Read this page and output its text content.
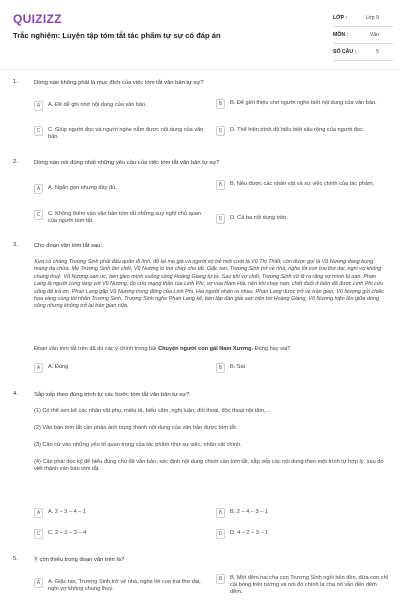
QUIZIZZ
Trắc nghiệm: Luyện tập tóm tắt tác phẩm tự sự có đáp án
LỚP :	Lớp 9
MÔN :	Văn
SỐ CÂU :	5
1.	Dòng nào không phải là mục đích của việc tóm tắt văn bản tự sự?
A	A. Để dễ ghi nhớ nội dung của văn bản.	B	B. Để giới thiệu cho người nghe biết nội dung của văn bản.
C	C. Giúp người đọc và người nghe nắm được nội dung của văn bản.
D	D. Thể hiện trình độ hiểu biết sâu rộng của người đọc.
2.	Dòng nào nói đúng nhất những yêu cầu của việc tóm tắt văn bản tự sự?
A	A. Ngắn gọn nhưng đầy đủ.	B	B. Nêu được các nhân vật và sự việc chính của tác phẩm.
C	C. Không thêm vào văn bản tóm tắt những suy nghĩ chủ quan của người tóm tắt.	D	D. Cả ba nội dung trên.
3.	Cho đoạn văn tóm tắt sau:
Xưa có chàng Trương Sinh phải đầu quân đi lính, để lại mẹ già và người vợ trẻ mới cưới là Vũ Thị Thiết, còn được gọi là Vũ Nương đang bụng mang dạ chửa. Mẹ Trương Sinh ốm chết, Vũ Nương lo ma chay chu tất. Giặc tan, Trương Sinh trở về nhà, nghe lời con trai thơ dại, nghi vợ không chung thuỷ. Vũ Nương oan ức, bèn gieo mình xuống sông Hoàng Giang tự tử. Sau khi vợ chết, Trương Sinh vỡ lẽ ra rằng vợ mình bị oan. Phan Lang là người cùng làng với Vũ Nương, do cứu mạng thần rùa Linh Phi, vợ vua Nam Hải, nên khi chạy nạn, chết đuối ở biển đã được Linh Phi cứu sống để trả ơn. Phan Lang gặp Vũ Nương trong động của Linh Phi. Hai người nhận ra nhau. Phan Lang được trở về trần gian, Vũ Nương gửi chiếc hoa vàng cùng lời nhắn Trương Sinh. Trương Sinh nghe Phan Lang kể, bèn lập đàn giải oan trên bờ Hoàng Giang, Vũ Nương hiện lên giữa dòng sông nhưng không trở lại trần gian nữa.
Đoạn văn tóm tắt trên đã đủ các ý chính trong bài Chuyện người con gái Nam Xương. Đúng hay sai?
A	A. Đúng	B	B. Sai
4.	Sắp xếp theo đúng trình tự các bước tóm tắt văn bản tự sự?
(1) Có thể xen kẽ các nhân vật phụ, miêu tả, biểu cảm, nghị luận, đối thoại, độc thoại nội tâm,...
(2) Văn bản tóm tắt cần phản ánh trung thành nội dung của văn bản được tóm tắt.
(3) Căn cứ vào những yếu tố quan trọng của tác phẩm như sự việc, nhân vật chính.
(4) Cần phải đọc kỹ để hiểu đúng chủ đề văn bản, xác định nội dung chính cần tóm tắt, sắp xếp các nội dung theo một trình tự hợp lý, sau đó viết thành văn bản tóm tắt.
A	A. 2 – 3 – 4 – 1	B	B. 2 – 4 – 3 – 1
C	C. 2 – 1 – 3 – 4	D	D. 4 – 2 – 3 – 1
5.	Ý còn thiếu trong đoạn văn trên là?
A	A. Giặc tan, Trương Sinh trở về nhà, nghe lời con trai thơ dại, nghi vợ không chung thuỷ.
B	B. Một đêm hai cha con Trương Sinh ngồi bên đèn, đứa con chỉ cái bóng trên tường và nói đó chính là cha nó vẫn đến đêm đêm.
